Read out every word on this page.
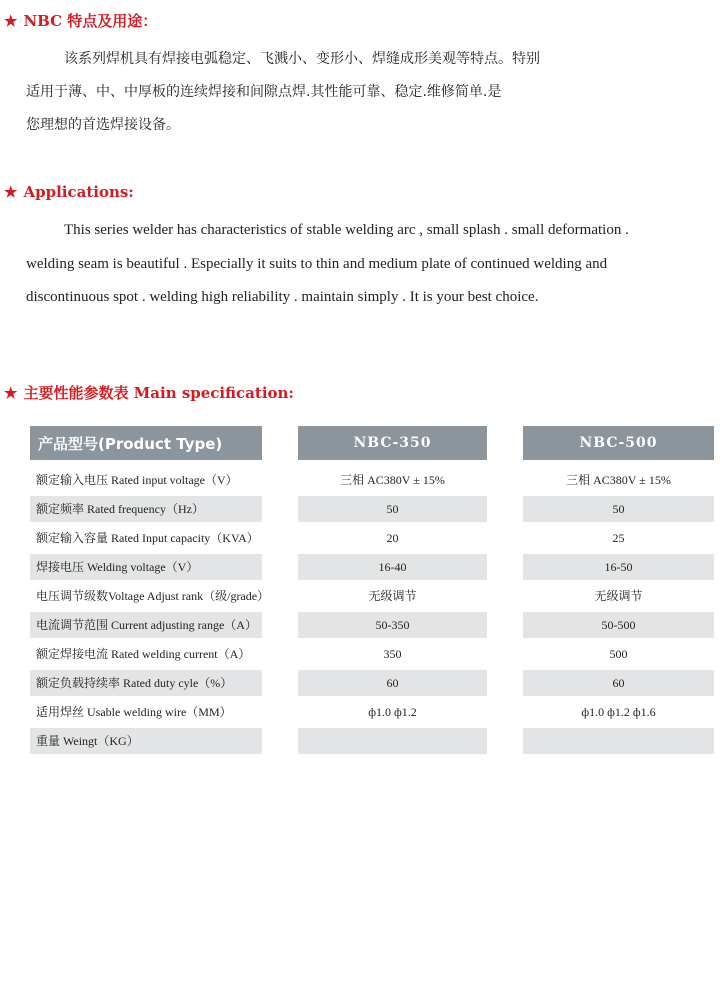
★ NBC 特点及用途：
该系列焊机具有焊接电弧稳定、飞溅小、变形小、焊缝成形美观等特点。特别
适用于薄、中、中厚板的连续焊接和间隙点焊.其性能可靠、稳定.维修简单.是
您理想的首选焊接设备。
★ Applications:
This series welder has characteristics of stable welding arc , small splash . small deformation .
welding seam is beautiful . Especially it suits to thin and medium plate of continued welding and
discontinuous spot . welding high reliability . maintain simply . It is your best choice.
★ 主要性能参数表 Main specification:
产品型号(Product Type)	NBC-350	NBC-500
额定输入电压 Rated input voltage（V）	三相 AC380V ± 15%	三相 AC380V ± 15%
额定频率 Rated frequency（Hz）	50	50
额定输入容量 Rated Input capacity（KVA）	20	25
焊接电压 Welding voltage（V）	16-40	16-50
电压调节级数Voltage Adjust rank（级/grade）	无级调节	无级调节
电流调节范围 Current adjusting range（A）	50-350	50-500
额定焊接电流 Rated welding current（A）	350	500
额定负载持续率 Rated duty cyle（%）	60	60
适用焊丝 Usable welding wire（MM）	ф1.0 ф1.2	ф1.0 ф1.2 ф1.6
重量 Weingt（KG）
